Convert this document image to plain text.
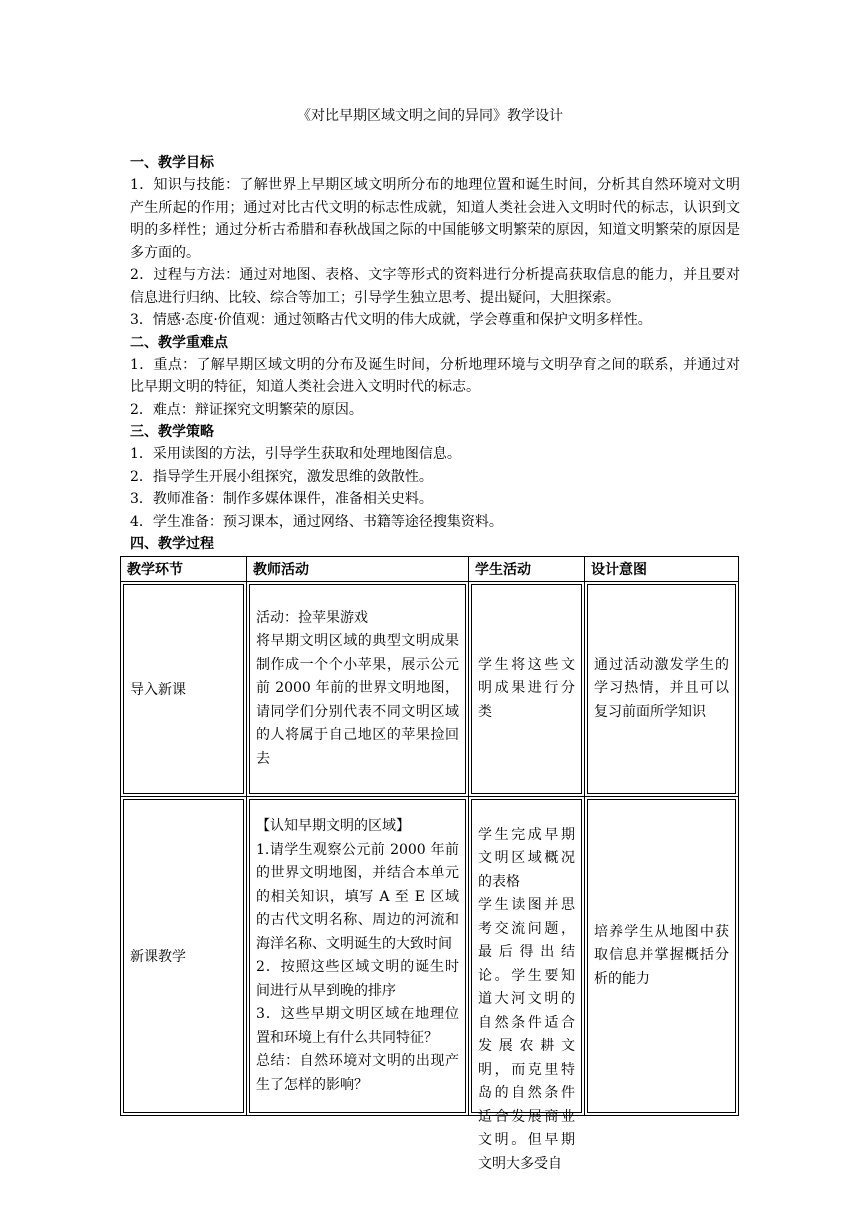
《对比早期区域文明之间的异同》教学设计

一、教学目标

1．知识与技能：了解世界上早期区域文明所分布的地理位置和诞生时间，分析其自然环境对文明产生所起的作用；通过对比古代文明的标志性成就，知道人类社会进入文明时代的标志，认识到文明的多样性；通过分析古希腊和春秋战国之际的中国能够文明繁荣的原因，知道文明繁荣的原因是多方面的。

2．过程与方法：通过对地图、表格、文字等形式的资料进行分析提高获取信息的能力，并且要对信息进行归纳、比较、综合等加工；引导学生独立思考、提出疑问，大胆探索。

3．情感·态度·价值观：通过领略古代文明的伟大成就，学会尊重和保护文明多样性。

二、教学重难点

1．重点：了解早期区域文明的分布及诞生时间，分析地理环境与文明孕育之间的联系，并通过对比早期文明的特征，知道人类社会进入文明时代的标志。

2．难点：辩证探究文明繁荣的原因。

三、教学策略

1．采用读图的方法，引导学生获取和处理地图信息。

2．指导学生开展小组探究，激发思维的敛散性。

3．教师准备：制作多媒体课件，准备相关史料。

4．学生准备：预习课本，通过网络、书籍等途径搜集资料。

四、教学过程

教学环节	教师活动	学生活动	设计意图

导入新课	活动：捡苹果游戏
将早期文明区域的典型文明成果制作成一个个小苹果，展示公元前 2000 年前的世界文明地图，请同学们分别代表不同文明区域的人将属于自己地区的苹果捡回去	学生将这些文明成果进行分类	通过活动激发学生的学习热情，并且可以复习前面所学知识

新课教学	【认知早期文明的区域】
1.请学生观察公元前 2000 年前的世界文明地图，并结合本单元的相关知识，填写 A 至 E 区域的古代文明名称、周边的河流和海洋名称、文明诞生的大致时间
2．按照这些区域文明的诞生时间进行从早到晚的排序
3．这些早期文明区域在地理位置和环境上有什么共同特征？
总结：自然环境对文明的出现产生了怎样的影响？	学生完成早期文明区域概况的表格
学生读图并思考交流问题，最后得出结论。学生要知道大河文明的自然条件适合发展农耕文明，而克里特岛的自然条件适合发展商业文明。但早期文明大多受自	培养学生从地图中获取信息并掌握概括分析的能力
